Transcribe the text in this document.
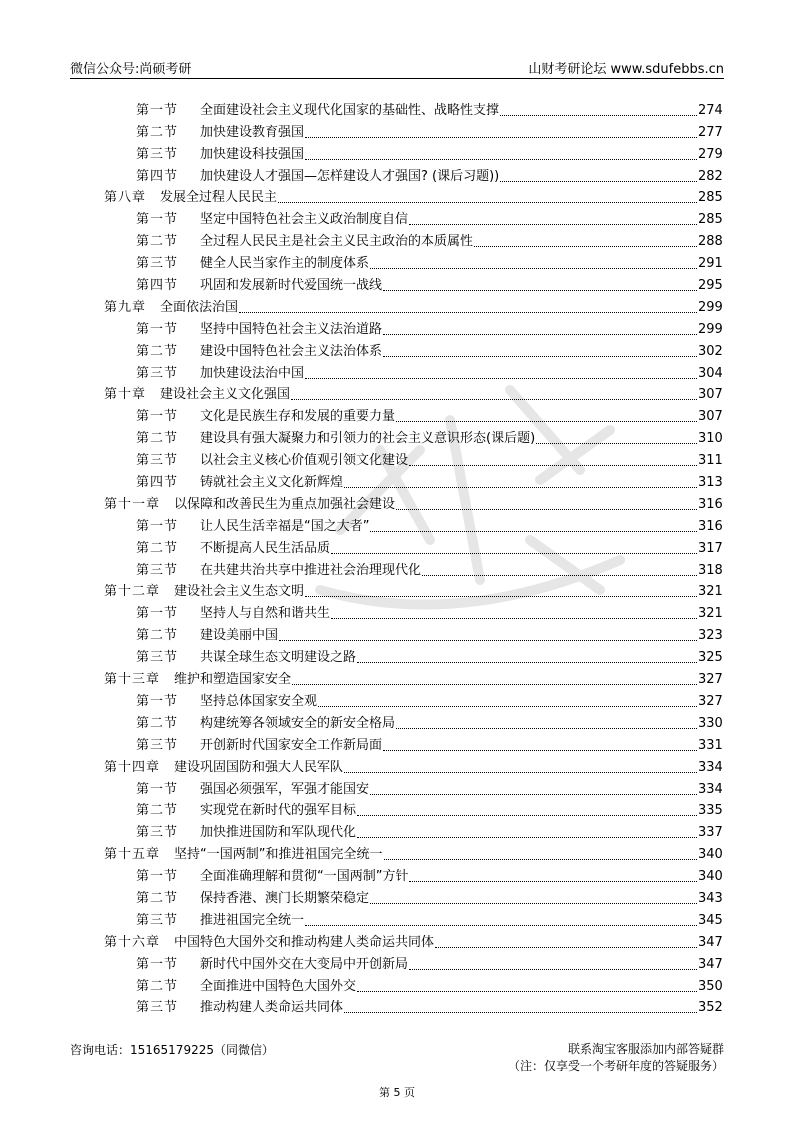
微信公众号:尚硕考研	山财考研论坛 www.sdufebbs.cn
第一节	全面建设社会主义现代化国家的基础性、战略性支撑	274
第二节	加快建设教育强国	277
第三节	加快建设科技强国	279
第四节	加快建设人才强国—怎样建设人才强国? (课后习题))	282
第八章 发展全过程人民民主	285
第一节	坚定中国特色社会主义政治制度自信	285
第二节	全过程人民民主是社会主义民主政治的本质属性	288
第三节	健全人民当家作主的制度体系	291
第四节	巩固和发展新时代爱国统一战线	295
第九章 全面依法治国	299
第一节	坚持中国特色社会主义法治道路	299
第二节	建设中国特色社会主义法治体系	302
第三节	加快建设法治中国	304
第十章 建设社会主义文化强国	307
第一节	文化是民族生存和发展的重要力量	307
第二节	建设具有强大凝聚力和引领力的社会主义意识形态(课后题)	310
第三节	以社会主义核心价值观引领文化建设	311
第四节	铸就社会主义文化新辉煌	313
第十一章 以保障和改善民生为重点加强社会建设	316
第一节	让人民生活幸福是“国之大者”	316
第二节	不断提高人民生活品质	317
第三节	在共建共治共享中推进社会治理现代化	318
第十二章 建设社会主义生态文明	321
第一节	坚持人与自然和谐共生	321
第二节	建设美丽中国	323
第三节	共谋全球生态文明建设之路	325
第十三章 维护和塑造国家安全	327
第一节	坚持总体国家安全观	327
第二节	构建统筹各领域安全的新安全格局	330
第三节	开创新时代国家安全工作新局面	331
第十四章 建设巩固国防和强大人民军队	334
第一节	强国必须强军，军强才能国安	334
第二节	实现党在新时代的强军目标	335
第三节	加快推进国防和军队现代化	337
第十五章 坚持“一国两制”和推进祖国完全统一	340
第一节	全面准确理解和贯彻“一国两制”方针	340
第二节	保持香港、澳门长期繁荣稳定	343
第三节	推进祖国完全统一	345
第十六章 中国特色大国外交和推动构建人类命运共同体	347
第一节	新时代中国外交在大变局中开创新局	347
第二节	全面推进中国特色大国外交	350
第三节	推动构建人类命运共同体	352
咨询电话：15165179225（同微信）	联系淘宝客服添加内部答疑群
（注：仅享受一个考研年度的答疑服务）
第 5 页
